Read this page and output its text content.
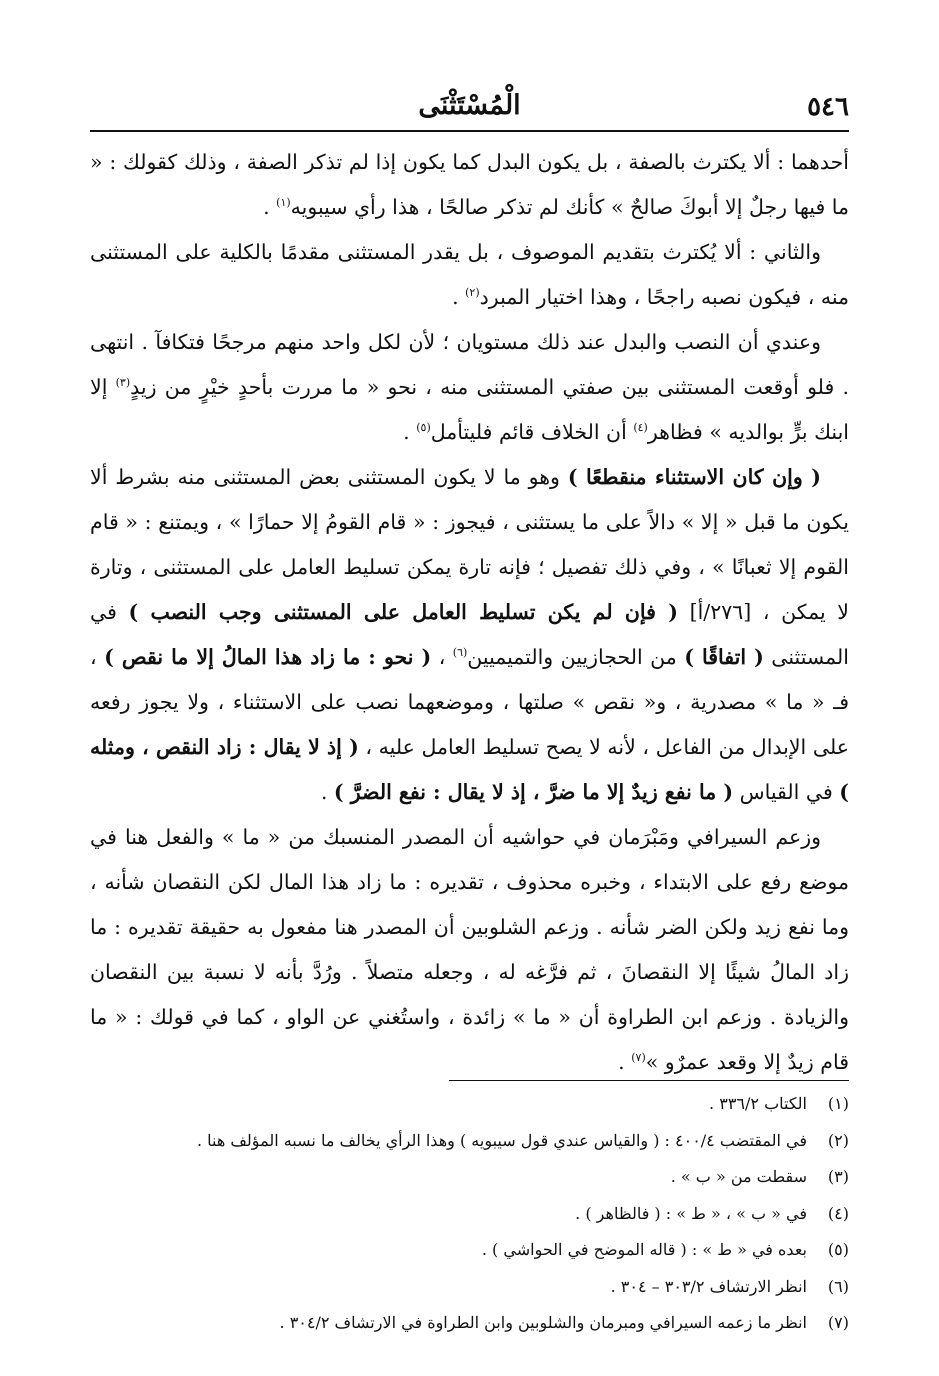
٥٤٦
الْمُسْتَثْنَى

أحدهما : ألا يكترث بالصفة ، بل يكون البدل كما يكون إذا لم تذكر الصفة ، وذلك كقولك : « ما فيها رجلٌ إلا أبوكَ صالحٌ » كأنك لم تذكر صالحًا ، هذا رأي سيبويه$^{(١)}$ .

والثاني : ألا يُكترث بتقديم الموصوف ، بل يقدر المستثنى مقدمًا بالكلية على المستثنى منه ، فيكون نصبه راجحًا ، وهذا اختيار المبرد$^{(٢)}$ .

وعندي أن النصب والبدل عند ذلك مستويان ؛ لأن لكل واحد منهم مرجحًا فتكافآ . انتهى . فلو أوقعت المستثنى بين صفتي المستثنى منه ، نحو « ما مررت بأحدٍ خيْرٍ من زيدٍ$^{(٣)}$ إلا ابنك برٍّ بوالديه » فظاهر$^{(٤)}$ أن الخلاف قائم فليتأمل$^{(٥)}$ .

( وإن كان الاستثناء منقطعًا ) وهو ما لا يكون المستثنى بعض المستثنى منه بشرط ألا يكون ما قبل « إلا » دالاً على ما يستثنى ، فيجوز : « قام القومُ إلا حمارًا » ، ويمتنع : « قام القوم إلا ثعبانًا » ، وفي ذلك تفصيل ؛ فإنه تارة يمكن تسليط العامل على المستثنى ، وتارة لا يمكن ، [٢٧٦/أ] ( فإن لم يكن تسليط العامل على المستثنى وجب النصب ) في المستثنى ( اتفاقًا ) من الحجازيين والتميميين$^{(٦)}$ ، ( نحو : ما زاد هذا المالُ إلا ما نقص ) ، فـ « ما » مصدرية ، و« نقص » صلتها ، وموضعهما نصب على الاستثناء ، ولا يجوز رفعه على الإبدال من الفاعل ، لأنه لا يصح تسليط العامل عليه ، ( إذ لا يقال : زاد النقص ، ومثله ) في القياس ( ما نفع زيدٌ إلا ما ضرَّ ، إذ لا يقال : نفع الضرَّ ) .

وزعم السيرافي ومَبْرَمان في حواشيه أن المصدر المنسبك من « ما » والفعل هنا في موضع رفع على الابتداء ، وخبره محذوف ، تقديره : ما زاد هذا المال لكن النقصان شأنه ، وما نفع زيد ولكن الضر شأنه . وزعم الشلوبين أن المصدر هنا مفعول به حقيقة تقديره : ما زاد المالُ شيئًا إلا النقصانَ ، ثم فرَّغه له ، وجعله متصلاً . ورُدَّ بأنه لا نسبة بين النقصان والزيادة . وزعم ابن الطراوة أن « ما » زائدة ، واستُغني عن الواو ، كما في قولك : « ما قام زيدٌ إلا وقعد عمرٌو »$^{(٧)}$ .

(١)
الكتاب ٣٣٦/٢ .
(٢)
في المقتضب ٤٠٠/٤ : ( والقياس عندي قول سيبويه ) وهذا الرأي يخالف ما نسبه المؤلف هنا .
(٣)
سقطت من « ب » .
(٤)
في « ب » ، « ط » : ( فالظاهر ) .
(٥)
بعده في « ط » : ( قاله الموضح في الحواشي ) .
(٦)
انظر الارتشاف ٣٠٣/٢ – ٣٠٤ .
(٧)
انظر ما زعمه السيرافي ومبرمان والشلوبين وابن الطراوة في الارتشاف ٣٠٤/٢ .
